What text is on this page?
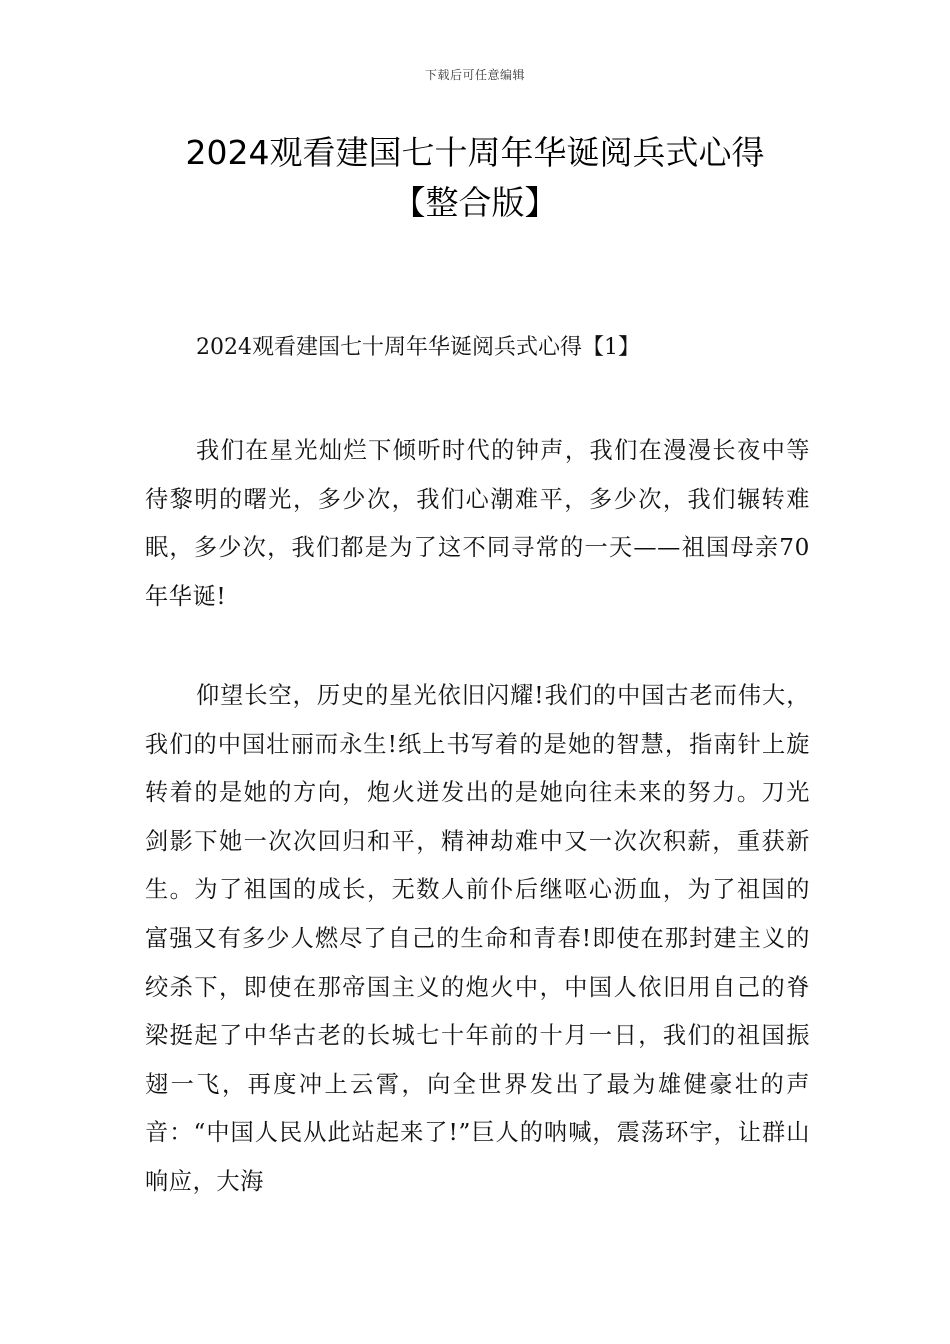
下载后可任意编辑
2024观看建国七十周年华诞阅兵式心得
【整合版】
2024观看建国七十周年华诞阅兵式心得【1】

我们在星光灿烂下倾听时代的钟声，我们在漫漫长夜中等待黎明的曙光，多少次，我们心潮难平，多少次，我们辗转难眠，多少次，我们都是为了这不同寻常的一天——祖国母亲70年华诞!

仰望长空，历史的星光依旧闪耀!我们的中国古老而伟大，我们的中国壮丽而永生!纸上书写着的是她的智慧，指南针上旋转着的是她的方向，炮火迸发出的是她向往未来的努力。刀光剑影下她一次次回归和平，精神劫难中又一次次积薪，重获新生。为了祖国的成长，无数人前仆后继呕心沥血，为了祖国的富强又有多少人燃尽了自己的生命和青春!即使在那封建主义的绞杀下，即使在那帝国主义的炮火中，中国人依旧用自己的脊梁挺起了中华古老的长城七十年前的十月一日，我们的祖国振翅一飞，再度冲上云霄，向全世界发出了最为雄健豪壮的声音：“中国人民从此站起来了!”巨人的呐喊，震荡环宇，让群山响应，大海
